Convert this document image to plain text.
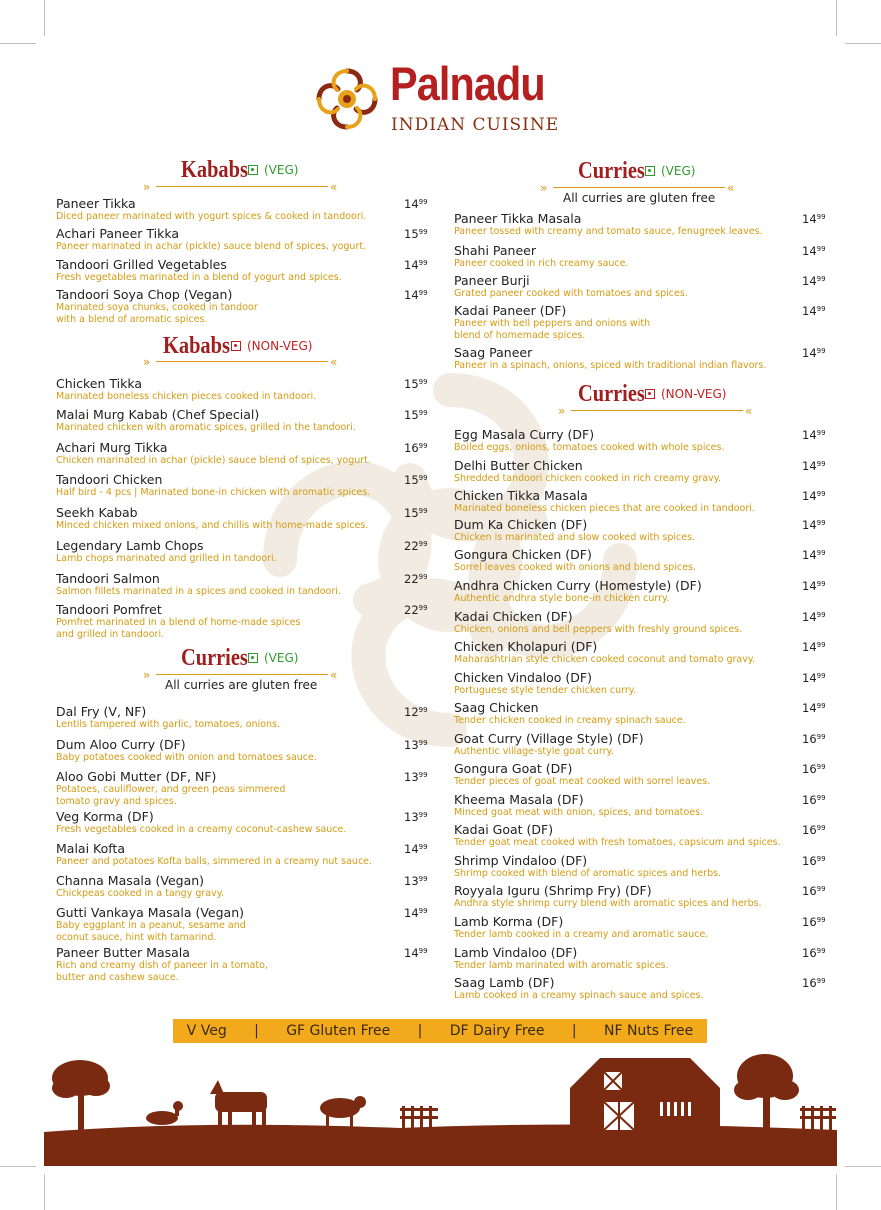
Palnadu
INDIAN CUISINE
Kababs	(VEG)
»	«
Kababs	(NON-VEG)
»	«
Curries	(VEG)
»	«
All curries are gluten free
Curries	(VEG)
»	«
All curries are gluten free
Curries	(NON-VEG)
»	«
Paneer Tikka
Diced paneer marinated with yogurt spices & cooked in tandoori.
$14^{99}$
Achari Paneer Tikka
Paneer marinated in achar (pickle) sauce blend of spices, yogurt.
$15^{99}$
Tandoori Grilled Vegetables
Fresh vegetables marinated in a blend of yogurt and spices.
$14^{99}$
Tandoori Soya Chop (Vegan)
Marinated soya chunks, cooked in tandoor
with a blend of aromatic spices.
$14^{99}$
Chicken Tikka
Marinated boneless chicken pieces cooked in tandoori.
$15^{99}$
Malai Murg Kabab (Chef Special)
Marinated chicken with aromatic spices, grilled in the tandoori.
$15^{99}$
Achari Murg Tikka
Chicken marinated in achar (pickle) sauce blend of spices, yogurt.
$16^{99}$
Tandoori Chicken
Half bird - 4 pcs | Marinated bone-in chicken with aromatic spices.
$15^{99}$
Seekh Kabab
Minced chicken mixed onions, and chillis with home-made spices.
$15^{99}$
Legendary Lamb Chops
Lamb chops marinated and grilled in tandoori.
$22^{99}$
Tandoori Salmon
Salmon fillets marinated in a spices and cooked in tandoori.
$22^{99}$
Tandoori Pomfret
Pomfret marinated in a blend of home-made spices
and grilled in tandoori.
$22^{99}$
Dal Fry (V, NF)
Lentils tampered with garlic, tomatoes, onions.
$12^{99}$
Dum Aloo Curry (DF)
Baby potatoes cooked with onion and tomatoes sauce.
$13^{99}$
Aloo Gobi Mutter (DF, NF)
Potatoes, cauliflower, and green peas simmered
tomato gravy and spices.
$13^{99}$
Veg Korma (DF)
Fresh vegetables cooked in a creamy coconut-cashew sauce.
$13^{99}$
Malai Kofta
Paneer and potatoes Kofta balls, simmered in a creamy nut sauce.
$14^{99}$
Channa Masala (Vegan)
Chickpeas cooked in a tangy gravy.
$13^{99}$
Gutti Vankaya Masala (Vegan)
Baby eggplant in a peanut, sesame and
oconut sauce, hint with tamarind.
$14^{99}$
Paneer Butter Masala
Rich and creamy dish of paneer in a tomato,
butter and cashew sauce.
$14^{99}$
Paneer Tikka Masala
Paneer tossed with creamy and tomato sauce, fenugreek leaves.
$14^{99}$
Shahi Paneer
Paneer cooked in rich creamy sauce.
$14^{99}$
Paneer Burji
Grated paneer cooked with tomatoes and spices.
$14^{99}$
Kadai Paneer (DF)
Paneer with bell peppers and onions with
blend of homemade spices.
$14^{99}$
Saag Paneer
Paneer in a spinach, onions, spiced with traditional indian flavors.
$14^{99}$
Egg Masala Curry (DF)
Boiled eggs, onions, tomatoes cooked with whole spices.
$14^{99}$
Delhi Butter Chicken
Shredded tandoori chicken cooked in rich creamy gravy.
$14^{99}$
Chicken Tikka Masala
Marinated boneless chicken pieces that are cooked in tandoori.
$14^{99}$
Dum Ka Chicken (DF)
Chicken is marinated and slow cooked with spices.
$14^{99}$
Gongura Chicken (DF)
Sorrel leaves cooked with onions and blend spices.
$14^{99}$
Andhra Chicken Curry (Homestyle) (DF)
Authentic andhra style bone-in chicken curry.
$14^{99}$
Kadai Chicken (DF)
Chicken, onions and bell peppers with freshly ground spices.
$14^{99}$
Chicken Kholapuri (DF)
Maharashtrian style chicken cooked coconut and tomato gravy.
$14^{99}$
Chicken Vindaloo (DF)
Portuguese style tender chicken curry.
$14^{99}$
Saag Chicken
Tender chicken cooked in creamy spinach sauce.
$14^{99}$
Goat Curry (Village Style) (DF)
Authentic village-style goat curry.
$16^{99}$
Gongura Goat (DF)
Tender pieces of goat meat cooked with sorrel leaves.
$16^{99}$
Kheema Masala (DF)
Minced goat meat with onion, spices, and tomatoes.
$16^{99}$
Kadai Goat (DF)
Tender goat meat cooked with fresh tomatoes, capsicum and spices.
$16^{99}$
Shrimp Vindaloo (DF)
Shrimp cooked with blend of aromatic spices and herbs.
$16^{99}$
Royyala Iguru (Shrimp Fry) (DF)
Andhra style shrimp curry blend with aromatic spices and herbs.
$16^{99}$
Lamb Korma (DF)
Tender lamb cooked in a creamy and aromatic sauce.
$16^{99}$
Lamb Vindaloo (DF)
Tender lamb marinated with aromatic spices.
$16^{99}$
Saag Lamb (DF)
Lamb cooked in a creamy spinach sauce and spices.
$16^{99}$
V Veg | GF Gluten Free | DF Dairy Free | NF Nuts Free
